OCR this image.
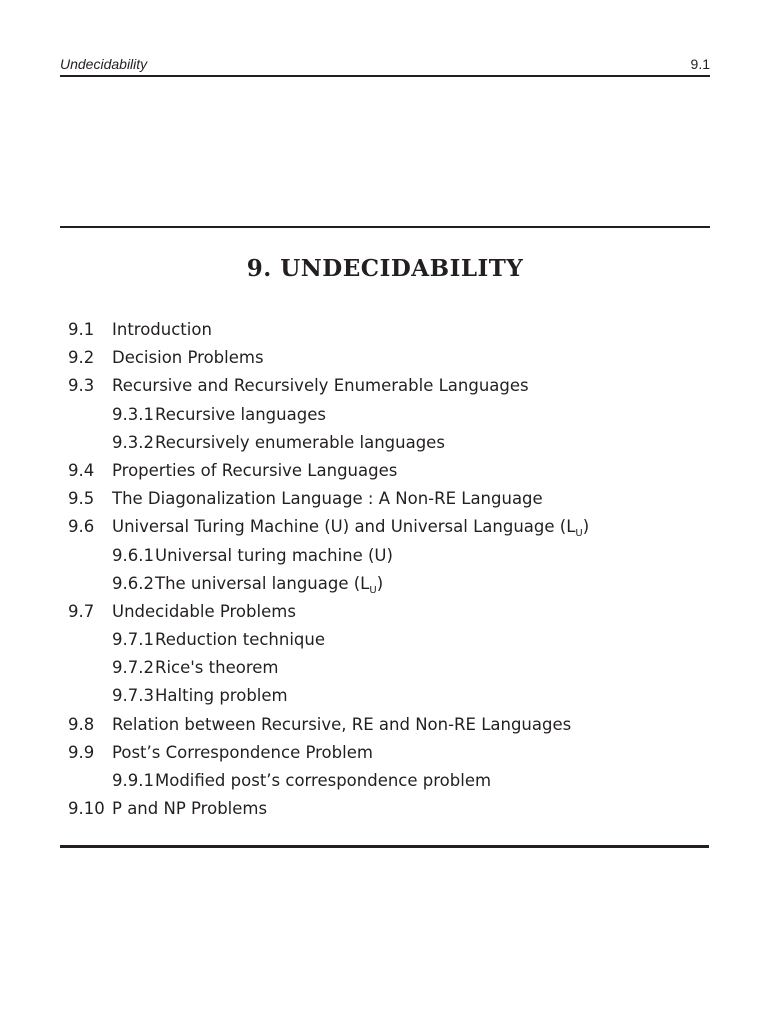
Undecidability	9.1
9. UNDECIDABILITY
9.1 Introduction
9.2 Decision Problems
9.3 Recursive and Recursively Enumerable Languages
9.3.1 Recursive languages
9.3.2 Recursively enumerable languages
9.4 Properties of Recursive Languages
9.5 The Diagonalization Language : A Non-RE Language
9.6 Universal Turing Machine (U) and Universal Language $(L_U)$
9.6.1 Universal turing machine (U)
9.6.2 The universal language $(L_U)$
9.7 Undecidable Problems
9.7.1 Reduction technique
9.7.2 Rice's theorem
9.7.3 Halting problem
9.8 Relation between Recursive, RE and Non-RE Languages
9.9 Post’s Correspondence Problem
9.9.1 Modified post’s correspondence problem
9.10 P and NP Problems
